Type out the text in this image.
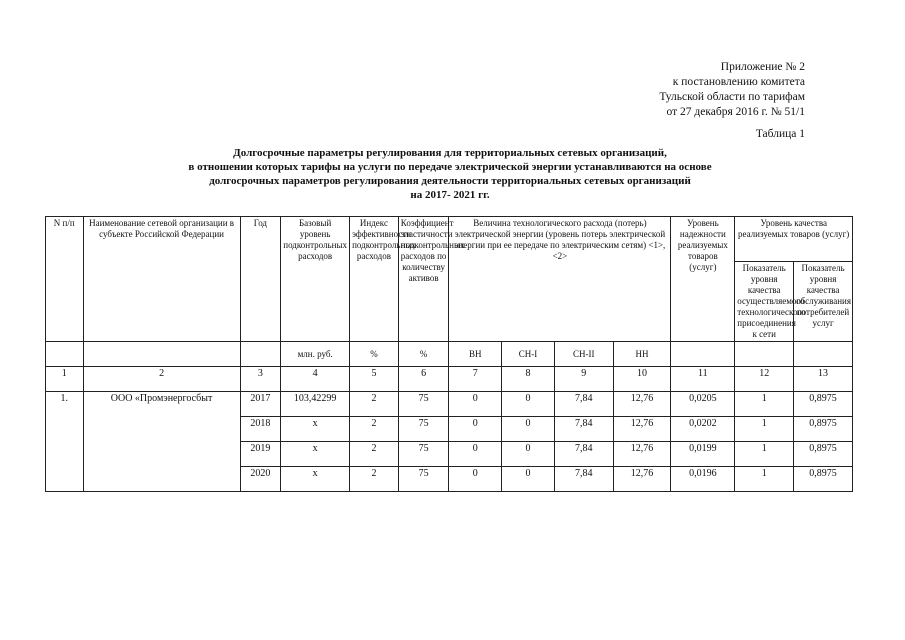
Приложение № 2
к постановлению комитета
Тульской области по тарифам
от 27 декабря 2016 г. № 51/1
Таблица 1
Долгосрочные параметры регулирования для территориальных сетевых организаций,
в отношении которых тарифы на услуги по передаче электрической энергии устанавливаются на основе
долгосрочных параметров регулирования деятельности территориальных сетевых организаций
на 2017- 2021 гг.
N п/п	Наименование сетевой организации в субъекте Российской Федерации	Год	Базовый уровень подконтрольных расходов	Индекс эффективности подконтрольных расходов	Коэффициент эластичности подконтрольных расходов по количеству активов	Величина технологического расхода (потерь) электрической энергии (уровень потерь электрической энергии при ее передаче по электрическим сетям) <1>, <2>				Уровень надежности реализуемых товаров (услуг)	Уровень качества реализуемых товаров (услуг)	
											Показатель уровня качества осуществляемого технологического присоединения к сети	Показатель уровня качества обслуживания потребителей услуг

			млн. руб.	%	%	ВН	СН-I	СН-II	НН			
1	2	3	4	5	6	7	8	9	10	11	12	13
1.	ООО «Промэнергосбыт	2017	103,42299	2	75	0	0	7,84	12,76	0,0205	1	0,8975
		2018	x	2	75	0	0	7,84	12,76	0,0202	1	0,8975
		2019	x	2	75	0	0	7,84	12,76	0,0199	1	0,8975
		2020	x	2	75	0	0	7,84	12,76	0,0196	1	0,8975
